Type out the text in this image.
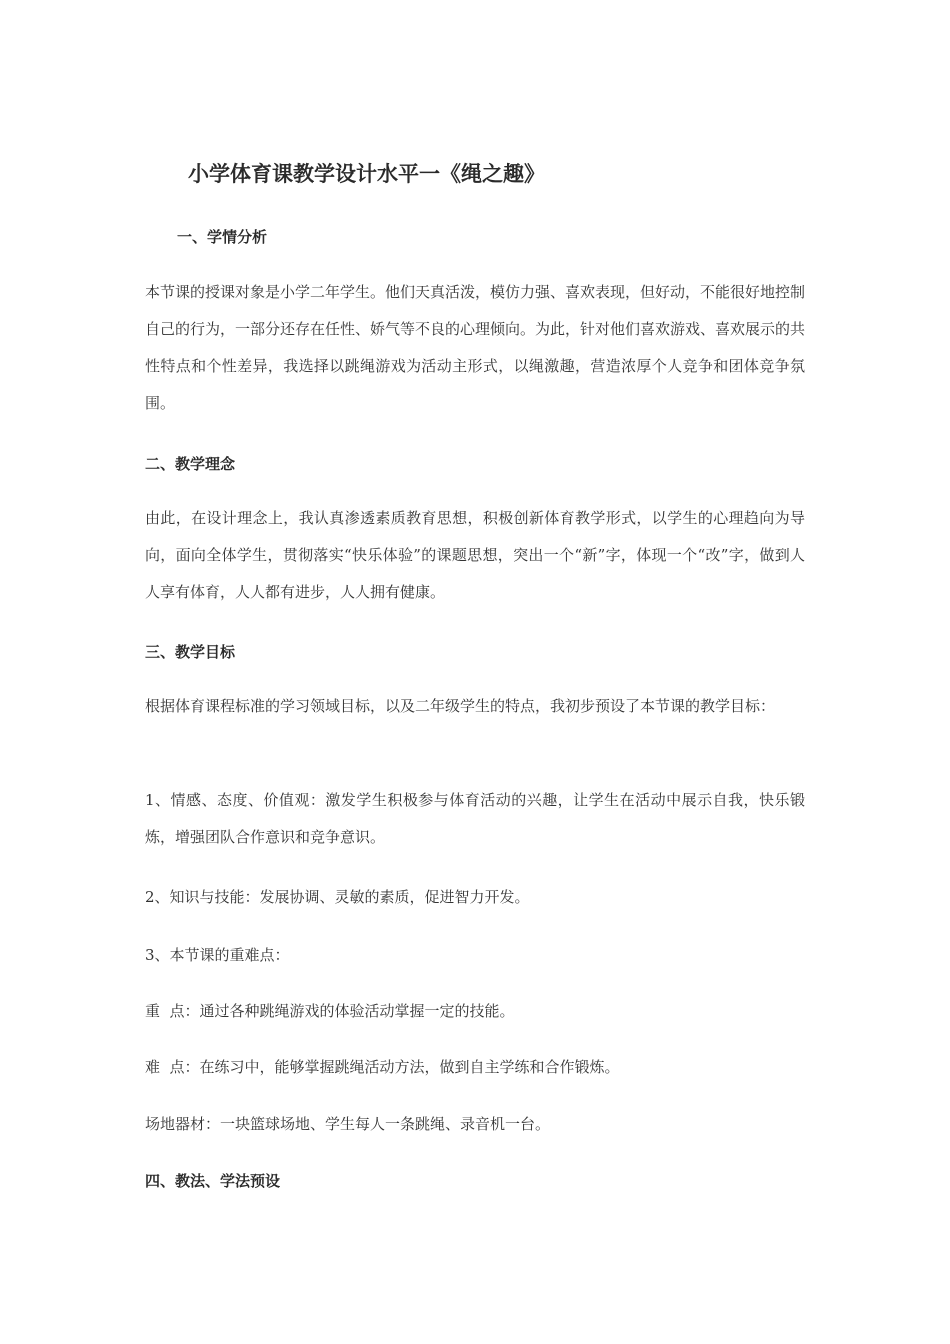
小学体育课教学设计水平一《绳之趣》
一、学情分析
本节课的授课对象是小学二年学生。他们天真活泼，模仿力强、喜欢表现，但好动，不能很好地控制自己的行为，一部分还存在任性、娇气等不良的心理倾向。为此，针对他们喜欢游戏、喜欢展示的共性特点和个性差异，我选择以跳绳游戏为活动主形式，以绳激趣，营造浓厚个人竞争和团体竞争氛围。
二、教学理念
由此，在设计理念上，我认真渗透素质教育思想，积极创新体育教学形式，以学生的心理趋向为导向，面向全体学生，贯彻落实“快乐体验”的课题思想，突出一个“新”字，体现一个“改”字，做到人人享有体育，人人都有进步，人人拥有健康。
三、教学目标
根据体育课程标准的学习领域目标，以及二年级学生的特点，我初步预设了本节课的教学目标：
1、情感、态度、价值观：激发学生积极参与体育活动的兴趣，让学生在活动中展示自我，快乐锻炼，增强团队合作意识和竞争意识。
2、知识与技能：发展协调、灵敏的素质，促进智力开发。
3、本节课的重难点：
重  点：通过各种跳绳游戏的体验活动掌握一定的技能。
难  点：在练习中，能够掌握跳绳活动方法，做到自主学练和合作锻炼。
场地器材：一块篮球场地、学生每人一条跳绳、录音机一台。
四、教法、学法预设
